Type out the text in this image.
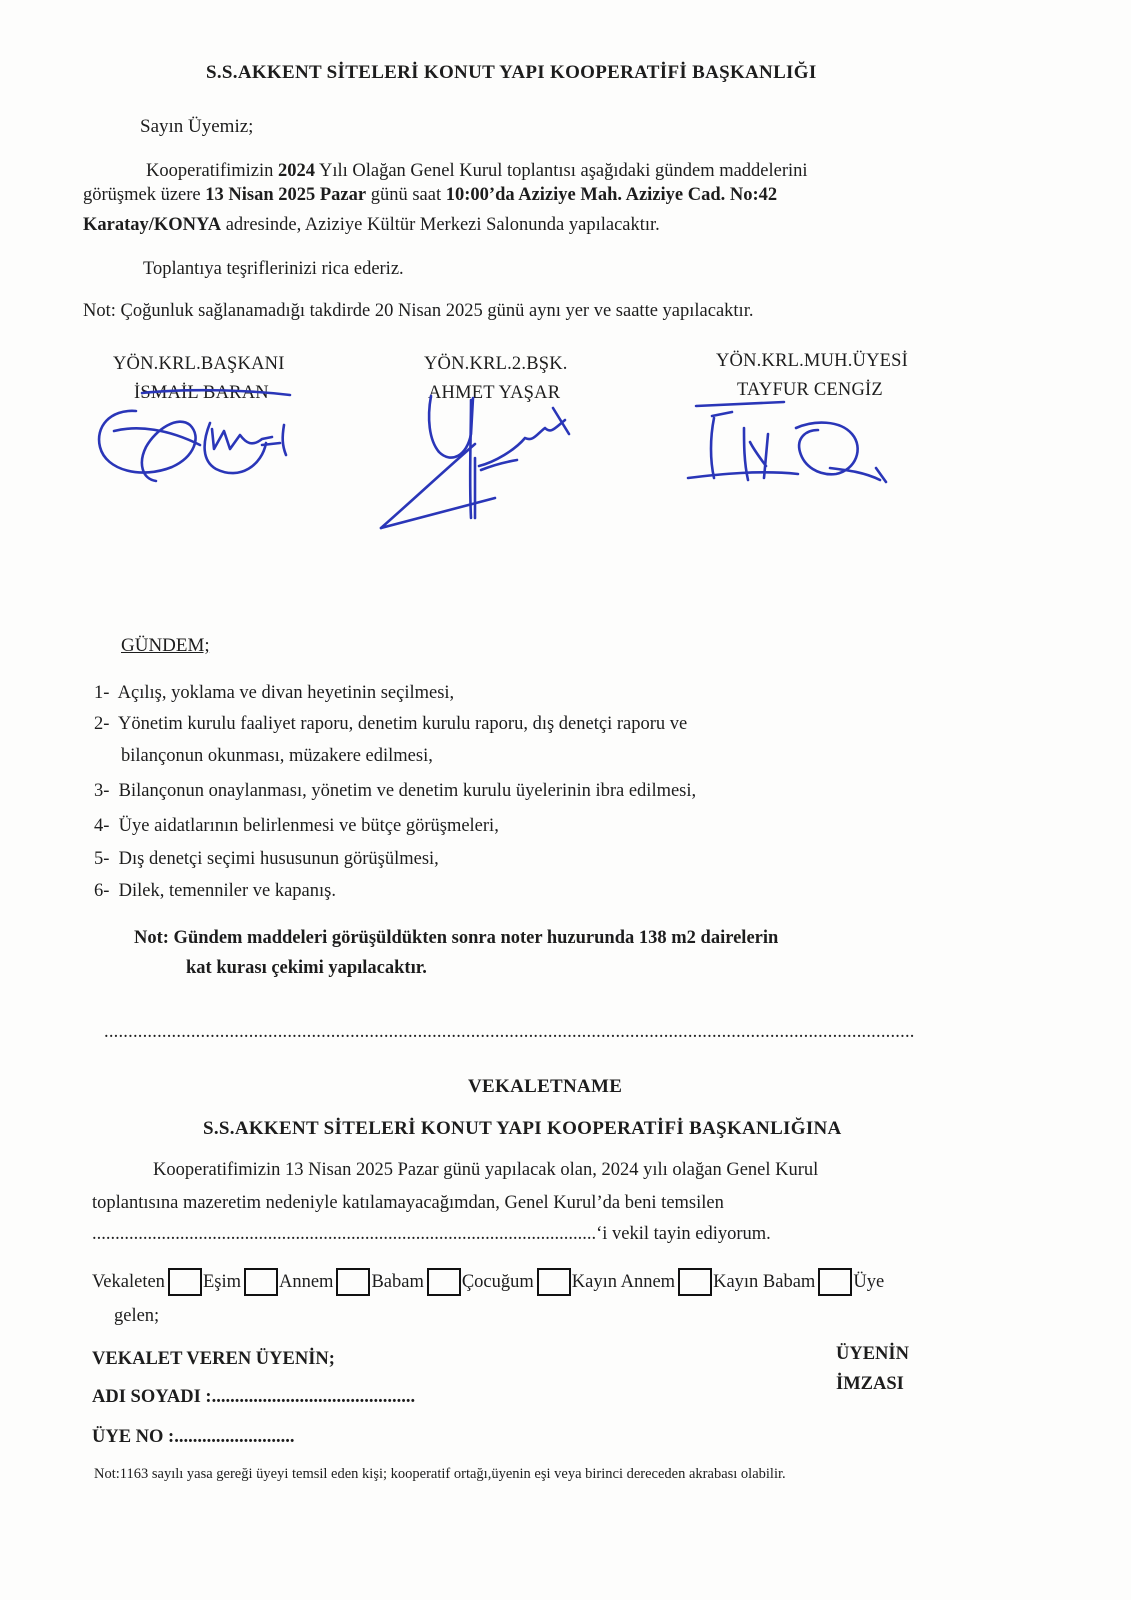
S.S.AKKENT SİTELERİ KONUT YAPI KOOPERATİFİ BAŞKANLIĞI
Sayın Üyemiz;
Kooperatifimizin 2024 Yılı Olağan Genel Kurul toplantısı aşağıdaki gündem maddelerini
görüşmek üzere 13 Nisan 2025 Pazar günü saat 10:00’da Aziziye Mah. Aziziye Cad. No:42
Karatay/KONYA adresinde, Aziziye Kültür Merkezi Salonunda yapılacaktır.
Toplantıya teşriflerinizi rica ederiz.
Not: Çoğunluk sağlanamadığı takdirde 20 Nisan 2025 günü aynı yer ve saatte yapılacaktır.
YÖN.KRL.BAŞKANI
İSMAİL BARAN
YÖN.KRL.2.BŞK.
AHMET YAŞAR
YÖN.KRL.MUH.ÜYESİ
TAYFUR CENGİZ
GÜNDEM;
1- Açılış, yoklama ve divan heyetinin seçilmesi,
2- Yönetim kurulu faaliyet raporu, denetim kurulu raporu, dış denetçi raporu ve
bilançonun okunması, müzakere edilmesi,
3- Bilançonun onaylanması, yönetim ve denetim kurulu üyelerinin ibra edilmesi,
4- Üye aidatlarının belirlenmesi ve bütçe görüşmeleri,
5- Dış denetçi seçimi hususunun görüşülmesi,
6- Dilek, temenniler ve kapanış.
Not: Gündem maddeleri görüşüldükten sonra noter huzurunda 138 m2 dairelerin
kat kurası çekimi yapılacaktır.
........................................................................................................................................................................
VEKALETNAME
S.S.AKKENT SİTELERİ KONUT YAPI KOOPERATİFİ BAŞKANLIĞINA
Kooperatifimizin 13 Nisan 2025 Pazar günü yapılacak olan, 2024 yılı olağan Genel Kurul
toplantısına mazeretim nedeniyle katılamayacağımdan, Genel Kurul’da beni temsilen
.............................................................................................................‘i vekil tayin ediyorum.
Vekaleten Eşim Annem Babam Çocuğum Kayın Annem Kayın Babam Üye
gelen;
VEKALET VEREN ÜYENİN;	ÜYENİN
İMZASI
ADI SOYADI :............................................
ÜYE NO :..........................
Not:1163 sayılı yasa gereği üyeyi temsil eden kişi; kooperatif ortağı,üyenin eşi veya birinci dereceden akrabası olabilir.
